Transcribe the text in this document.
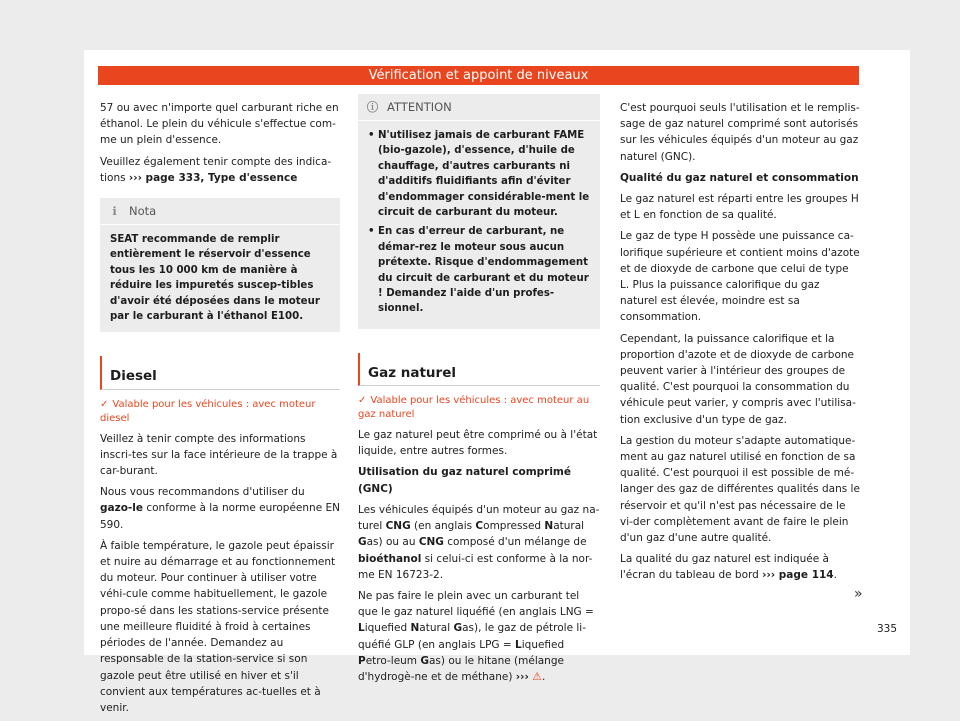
Vérification et appoint de niveaux

57 ou avec n'importe quel carburant riche en éthanol. Le plein du véhicule s'effectue com-me un plein d'essence.

Veuillez également tenir compte des indica-tions ››› page 333, Type d'essence

ℹ Nota
SEAT recommande de remplir entièrement le réservoir d'essence tous les 10 000 km de manière à réduire les impuretés suscep-tibles d'avoir été déposées dans le moteur par le carburant à l'éthanol E100.
Diesel

✓ Valable pour les véhicules : avec moteur diesel

Veillez à tenir compte des informations inscri-tes sur la face intérieure de la trappe à car-burant.

Nous vous recommandons d'utiliser du gazo-le conforme à la norme européenne EN 590.

À faible température, le gazole peut épaissir et nuire au démarrage et au fonctionnement du moteur. Pour continuer à utiliser votre véhi-cule comme habituellement, le gazole propo-sé dans les stations-service présente une meilleure fluidité à froid à certaines périodes de l'année. Demandez au responsable de la station-service si son gazole peut être utilisé en hiver et s'il convient aux températures ac-tuelles et à venir.

ⓘ ATTENTION
• N'utilisez jamais de carburant FAME (bio-gazole), d'essence, d'huile de chauffage, d'autres carburants ni d'additifs fluidifiants afin d'éviter d'endommager considérable-ment le circuit de carburant du moteur.
• En cas d'erreur de carburant, ne démar-rez le moteur sous aucun prétexte. Risque d'endommagement du circuit de carburant et du moteur ! Demandez l'aide d'un profes-sionnel.
Gaz naturel

✓ Valable pour les véhicules : avec moteur au gaz naturel

Le gaz naturel peut être comprimé ou à l'état liquide, entre autres formes.

Utilisation du gaz naturel comprimé (GNC)

Les véhicules équipés d'un moteur au gaz na-turel CNG (en anglais Compressed Natural Gas) ou au CNG composé d'un mélange de bioéthanol si celui-ci est conforme à la nor-me EN 16723-2.

Ne pas faire le plein avec un carburant tel que le gaz naturel liquéfié (en anglais LNG = Liquefied Natural Gas), le gaz de pétrole li-quéfié GLP (en anglais LPG = Liquefied Petro-leum Gas) ou le hitane (mélange d'hydrogè-ne et de méthane) ››› ⚠.

C'est pourquoi seuls l'utilisation et le remplis-sage de gaz naturel comprimé sont autorisés sur les véhicules équipés d'un moteur au gaz naturel (GNC).

Qualité du gaz naturel et consommation

Le gaz naturel est réparti entre les groupes H et L en fonction de sa qualité.

Le gaz de type H possède une puissance ca-lorifique supérieure et contient moins d'azote et de dioxyde de carbone que celui de type L. Plus la puissance calorifique du gaz naturel est élevée, moindre est sa consommation.

Cependant, la puissance calorifique et la proportion d'azote et de dioxyde de carbone peuvent varier à l'intérieur des groupes de qualité. C'est pourquoi la consommation du véhicule peut varier, y compris avec l'utilisa-tion exclusive d'un type de gaz.

La gestion du moteur s'adapte automatique-ment au gaz naturel utilisé en fonction de sa qualité. C'est pourquoi il est possible de mé-langer des gaz de différentes qualités dans le réservoir et qu'il n'est pas nécessaire de le vi-der complètement avant de faire le plein d'un gaz d'une autre qualité.

La qualité du gaz naturel est indiquée à l'écran du tableau de bord ››› page 114.

»
335
